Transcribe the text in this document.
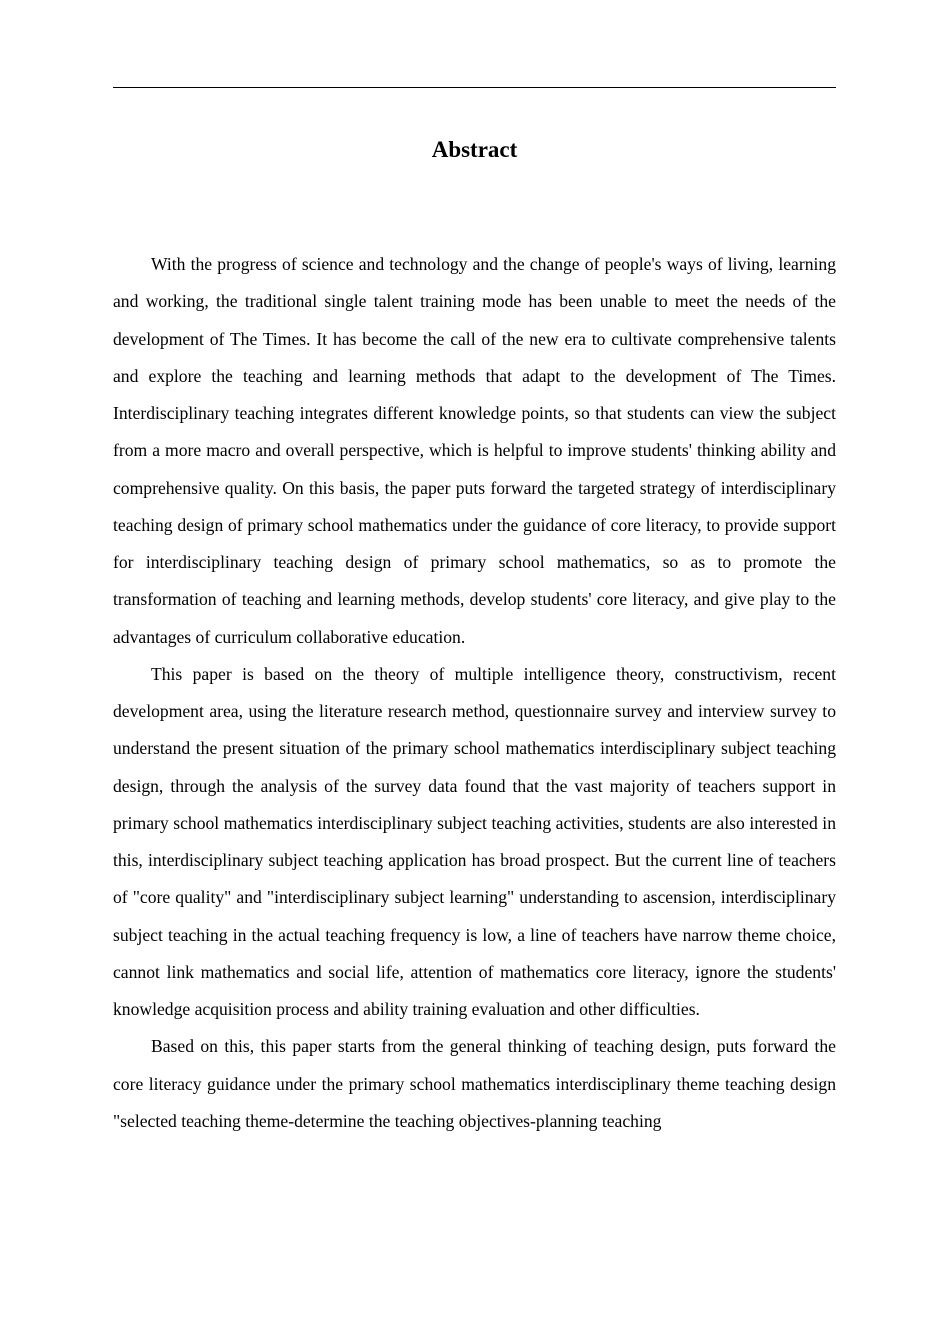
Abstract

With the progress of science and technology and the change of people's ways of living, learning and working, the traditional single talent training mode has been unable to meet the needs of the development of The Times. It has become the call of the new era to cultivate comprehensive talents and explore the teaching and learning methods that adapt to the development of The Times. Interdisciplinary teaching integrates different knowledge points, so that students can view the subject from a more macro and overall perspective, which is helpful to improve students' thinking ability and comprehensive quality. On this basis, the paper puts forward the targeted strategy of interdisciplinary teaching design of primary school mathematics under the guidance of core literacy, to provide support for interdisciplinary teaching design of primary school mathematics, so as to promote the transformation of teaching and learning methods, develop students' core literacy, and give play to the advantages of curriculum collaborative education.

This paper is based on the theory of multiple intelligence theory, constructivism, recent development area, using the literature research method, questionnaire survey and interview survey to understand the present situation of the primary school mathematics interdisciplinary subject teaching design, through the analysis of the survey data found that the vast majority of teachers support in primary school mathematics interdisciplinary subject teaching activities, students are also interested in this, interdisciplinary subject teaching application has broad prospect. But the current line of teachers of "core quality" and "interdisciplinary subject learning" understanding to ascension, interdisciplinary subject teaching in the actual teaching frequency is low, a line of teachers have narrow theme choice, cannot link mathematics and social life, attention of mathematics core literacy, ignore the students' knowledge acquisition process and ability training evaluation and other difficulties.

Based on this, this paper starts from the general thinking of teaching design, puts forward the core literacy guidance under the primary school mathematics interdisciplinary theme teaching design "selected teaching theme-determine the teaching objectives-planning teaching
